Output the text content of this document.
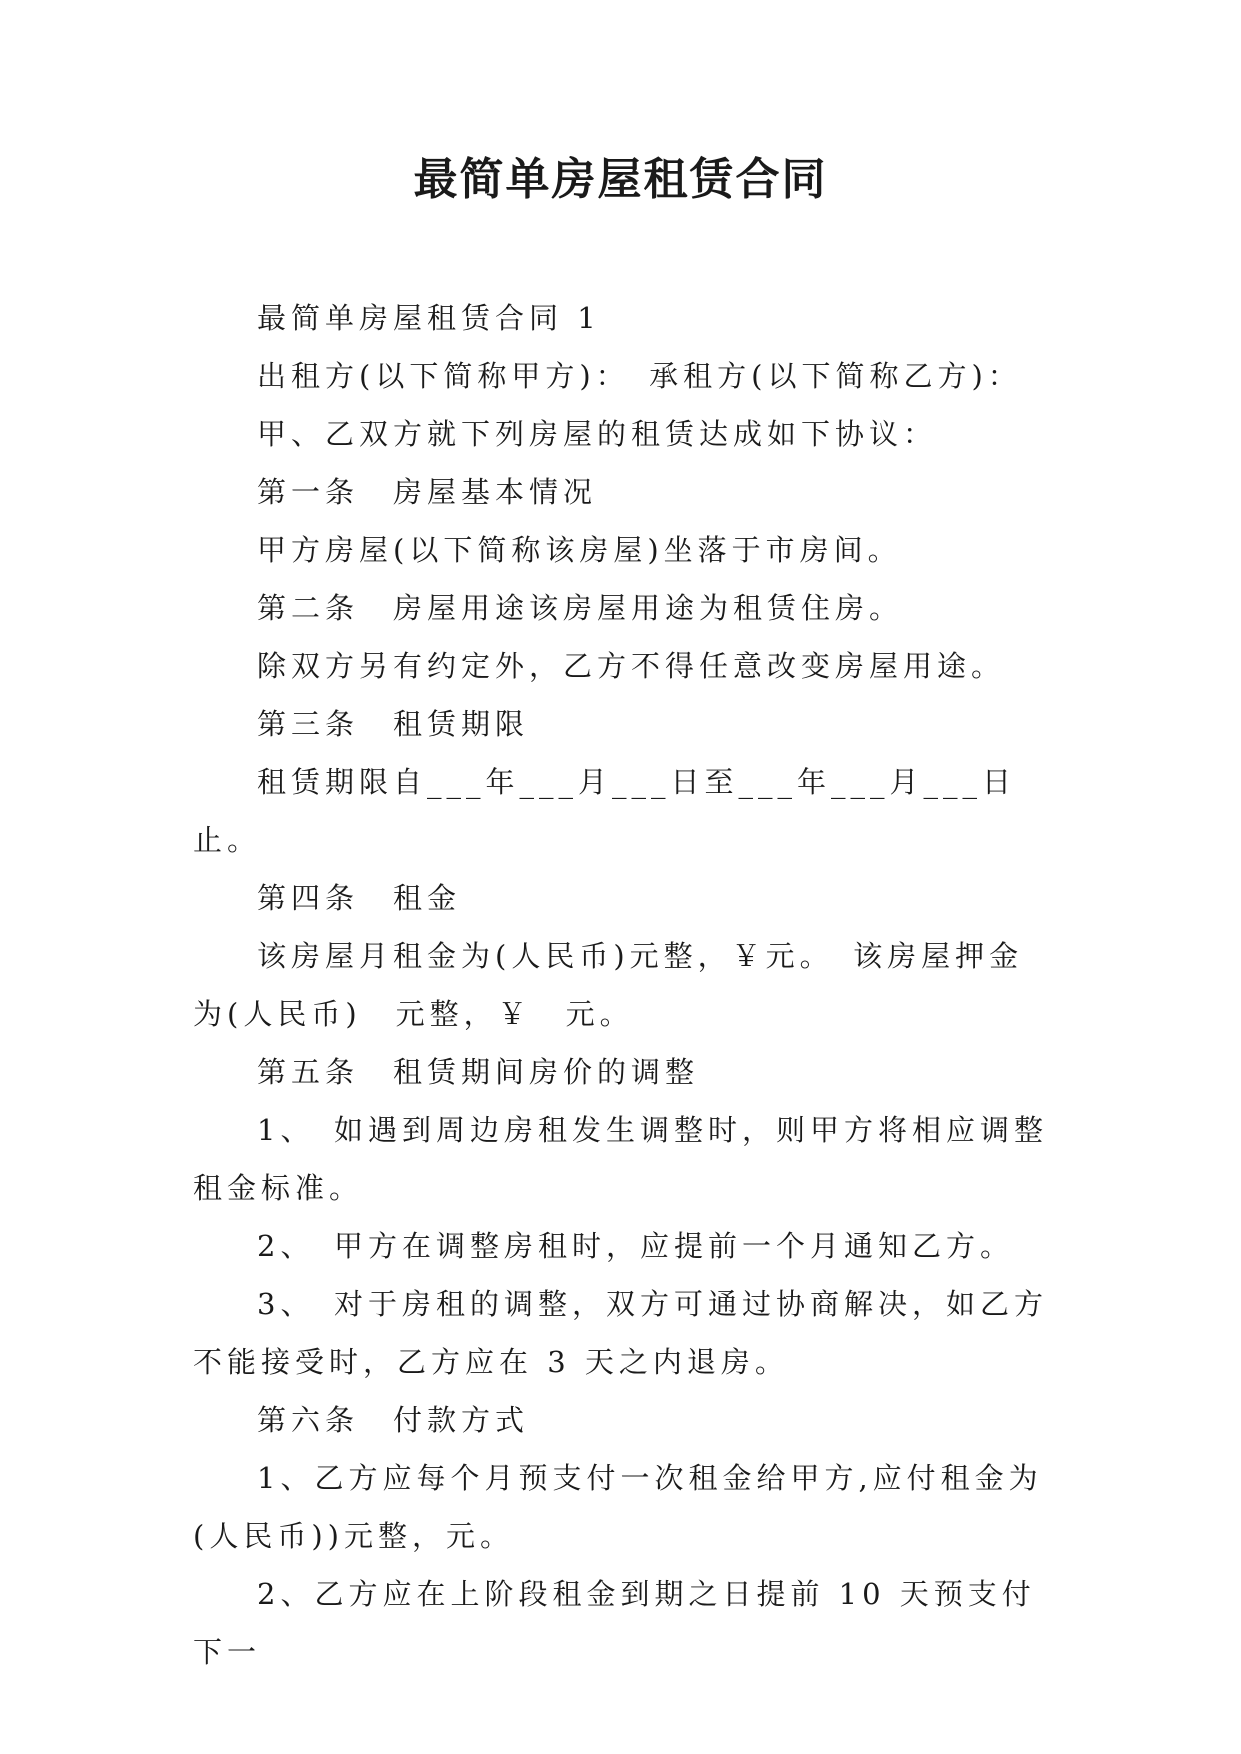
最简单房屋租赁合同

最简单房屋租赁合同 1

出租方(以下简称甲方)：　承租方(以下简称乙方)：

甲、乙双方就下列房屋的租赁达成如下协议：

第一条　房屋基本情况

甲方房屋(以下简称该房屋)坐落于市房间。

第二条　房屋用途该房屋用途为租赁住房。

除双方另有约定外，乙方不得任意改变房屋用途。

第三条　租赁期限

租赁期限自___年___月___日至___年___月___日止。

第四条　租金

该房屋月租金为(人民币)元整，￥元。　该房屋押金为(人民币)　元整，￥　元。

第五条　租赁期间房价的调整

1、　如遇到周边房租发生调整时，则甲方将相应调整租金标准。

2、　甲方在调整房租时，应提前一个月通知乙方。

3、　对于房租的调整，双方可通过协商解决，如乙方不能接受时，乙方应在 3 天之内退房。

第六条　付款方式

1、乙方应每个月预支付一次租金给甲方,应付租金为(人民币))元整，元。

2、乙方应在上阶段租金到期之日提前 10 天预支付下一
